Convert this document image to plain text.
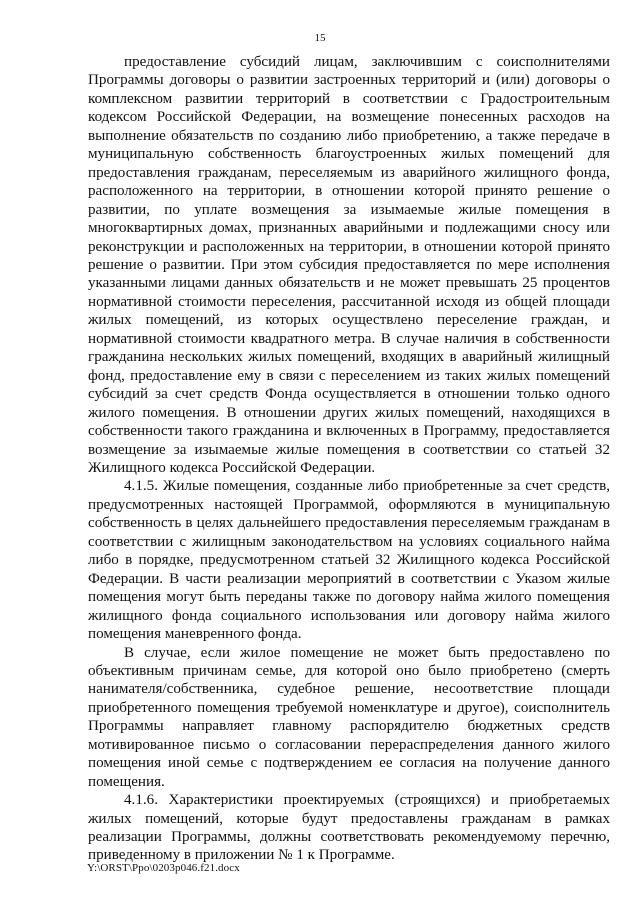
15

предоставление субсидий лицам, заключившим с соисполнителями Программы договоры о развитии застроенных территорий и (или) договоры о комплексном развитии территорий в соответствии с Градостроительным кодексом Российской Федерации, на возмещение понесенных расходов на выполнение обязательств по созданию либо приобретению, а также передаче в муниципальную собственность благоустроенных жилых помещений для предоставления гражданам, переселяемым из аварийного жилищного фонда, расположенного на территории, в отношении которой принято решение о развитии, по уплате возмещения за изымаемые жилые помещения в многоквартирных домах, признанных аварийными и подлежащими сносу или реконструкции и расположенных на территории, в отношении которой принято решение о развитии. При этом субсидия предоставляется по мере исполнения указанными лицами данных обязательств и не может превышать 25 процентов нормативной стоимости переселения, рассчитанной исходя из общей площади жилых помещений, из которых осуществлено переселение граждан, и нормативной стоимости квадратного метра. В случае наличия в собственности гражданина нескольких жилых помещений, входящих в аварийный жилищный фонд, предоставление ему в связи с переселением из таких жилых помещений субсидий за счет средств Фонда осуществляется в отношении только одного жилого помещения. В отношении других жилых помещений, находящихся в собственности такого гражданина и включенных в Программу, предоставляется возмещение за изымаемые жилые помещения в соответствии со статьей 32 Жилищного кодекса Российской Федерации.

4.1.5. Жилые помещения, созданные либо приобретенные за счет средств, предусмотренных настоящей Программой, оформляются в муниципальную собственность в целях дальнейшего предоставления переселяемым гражданам в соответствии с жилищным законодательством на условиях социального найма либо в порядке, предусмотренном статьей 32 Жилищного кодекса Российской Федерации. В части реализации мероприятий в соответствии с Указом жилые помещения могут быть переданы также по договору найма жилого помещения жилищного фонда социального использования или договору найма жилого помещения маневренного фонда.

В случае, если жилое помещение не может быть предоставлено по объективным причинам семье, для которой оно было приобретено (смерть нанимателя/собственника, судебное решение, несоответствие площади приобретенного помещения требуемой номенклатуре и другое), соисполнитель Программы направляет главному распорядителю бюджетных средств мотивированное письмо о согласовании перераспределения данного жилого помещения иной семье с подтверждением ее согласия на получение данного помещения.

4.1.6. Характеристики проектируемых (строящихся) и приобретаемых жилых помещений, которые будут предоставлены гражданам в рамках реализации Программы, должны соответствовать рекомендуемому перечню, приведенному в приложении № 1 к Программе.

Y:\ORST\Ppo\0203p046.f21.docx
